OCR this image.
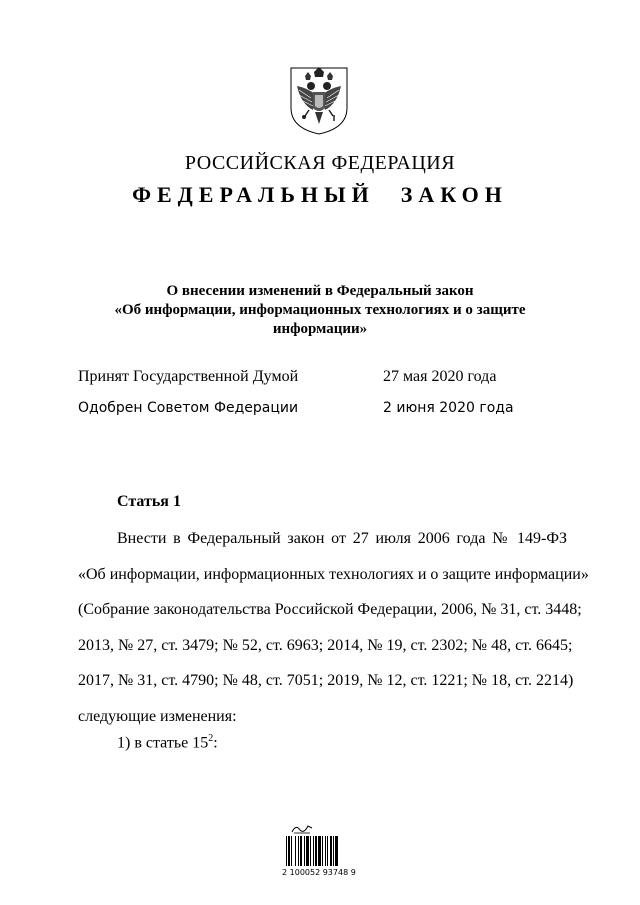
РОССИЙСКАЯ ФЕДЕРАЦИЯ
ФЕДЕРАЛЬНЫЙ ЗАКОН
О внесении изменений в Федеральный закон
«Об информации, информационных технологиях и о защите
информации»
Принят Государственной Думой	27 мая 2020 года
Одобрен Советом Федерации	2 июня 2020 года
Статья 1
Внести в Федеральный закон от 27 июля 2006 года № 149-ФЗ
«Об информации, информационных технологиях и о защите информации»
(Собрание законодательства Российской Федерации, 2006, № 31, ст. 3448;
2013, № 27, ст. 3479; № 52, ст. 6963; 2014, № 19, ст. 2302; № 48, ст. 6645;
2017, № 31, ст. 4790; № 48, ст. 7051; 2019, № 12, ст. 1221; № 18, ст. 2214)
следующие изменения:
1) в статье $15^2$:
2 100052 93748 9
